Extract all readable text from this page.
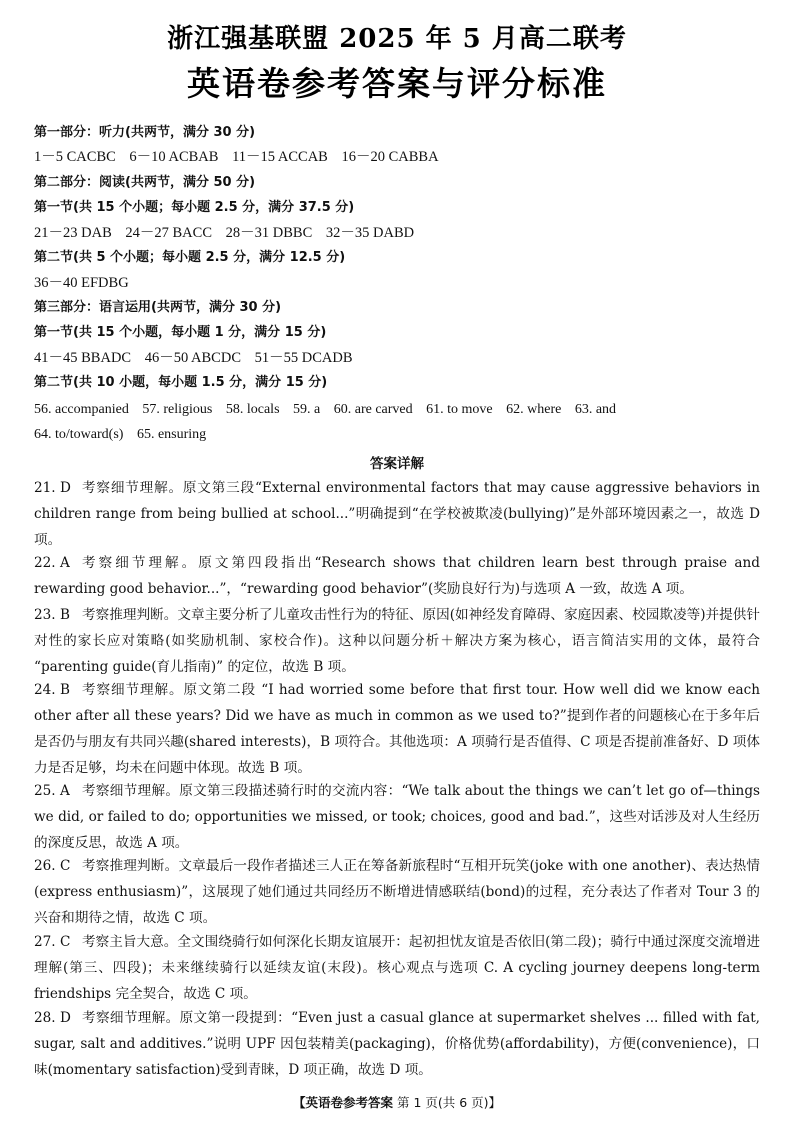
浙江强基联盟 2025 年 5 月高二联考
英语卷参考答案与评分标准
第一部分：听力(共两节，满分 30 分)
1－5 CACBC 6－10 ACBAB 11－15 ACCAB 16－20 CABBA
第二部分：阅读(共两节，满分 50 分)
第一节(共 15 个小题；每小题 2.5 分，满分 37.5 分)
21－23 DAB 24－27 BACC 28－31 DBBC 32－35 DABD
第二节(共 5 个小题；每小题 2.5 分，满分 12.5 分)
36－40 EFDBG
第三部分：语言运用(共两节，满分 30 分)
第一节(共 15 个小题，每小题 1 分，满分 15 分)
41－45 BBADC 46－50 ABCDC 51－55 DCADB
第二节(共 10 小题，每小题 1.5 分，满分 15 分)
56. accompanied 57. religious 58. locals 59. a 60. are carved 61. to move 62. where 63. and
64. to/toward(s) 65. ensuring
答案详解
21. D 考察细节理解。原文第三段“External environmental factors that may cause aggressive behaviors in children range from being bullied at school...”明确提到“在学校被欺凌(bullying)”是外部环境因素之一，故选 D 项。
22. A 考察细节理解。原文第四段指出“Research shows that children learn best through praise and rewarding good behavior...”，“rewarding good behavior”(奖励良好行为)与选项 A 一致，故选 A 项。
23. B 考察推理判断。文章主要分析了儿童攻击性行为的特征、原因(如神经发育障碍、家庭因素、校园欺凌等)并提供针对性的家长应对策略(如奖励机制、家校合作)。这种以问题分析＋解决方案为核心，语言简洁实用的文体，最符合 “parenting guide(育儿指南)” 的定位，故选 B 项。
24. B 考察细节理解。原文第二段 “I had worried some before that first tour. How well did we know each other after all these years? Did we have as much in common as we used to?”提到作者的问题核心在于多年后是否仍与朋友有共同兴趣(shared interests)，B 项符合。其他选项：A 项骑行是否值得、C 项是否提前准备好、D 项体力是否足够，均未在问题中体现。故选 B 项。
25. A 考察细节理解。原文第三段描述骑行时的交流内容：“We talk about the things we can’t let go of—things we did, or failed to do; opportunities we missed, or took; choices, good and bad.”，这些对话涉及对人生经历的深度反思，故选 A 项。
26. C 考察推理判断。文章最后一段作者描述三人正在筹备新旅程时“互相开玩笑(joke with one another)、表达热情(express enthusiasm)”，这展现了她们通过共同经历不断增进情感联结(bond)的过程，充分表达了作者对 Tour 3 的兴奋和期待之情，故选 C 项。
27. C 考察主旨大意。全文围绕骑行如何深化长期友谊展开：起初担忧友谊是否依旧(第二段)；骑行中通过深度交流增进理解(第三、四段)；未来继续骑行以延续友谊(末段)。核心观点与选项 C. A cycling journey deepens long-term friendships 完全契合，故选 C 项。
28. D 考察细节理解。原文第一段提到：“Even just a casual glance at supermarket shelves ... filled with fat, sugar, salt and additives.”说明 UPF 因包装精美(packaging)，价格优势(affordability)，方便(convenience)，口味(momentary satisfaction)受到青睐，D 项正确，故选 D 项。
【英语卷参考答案 第 1 页(共 6 页)】
